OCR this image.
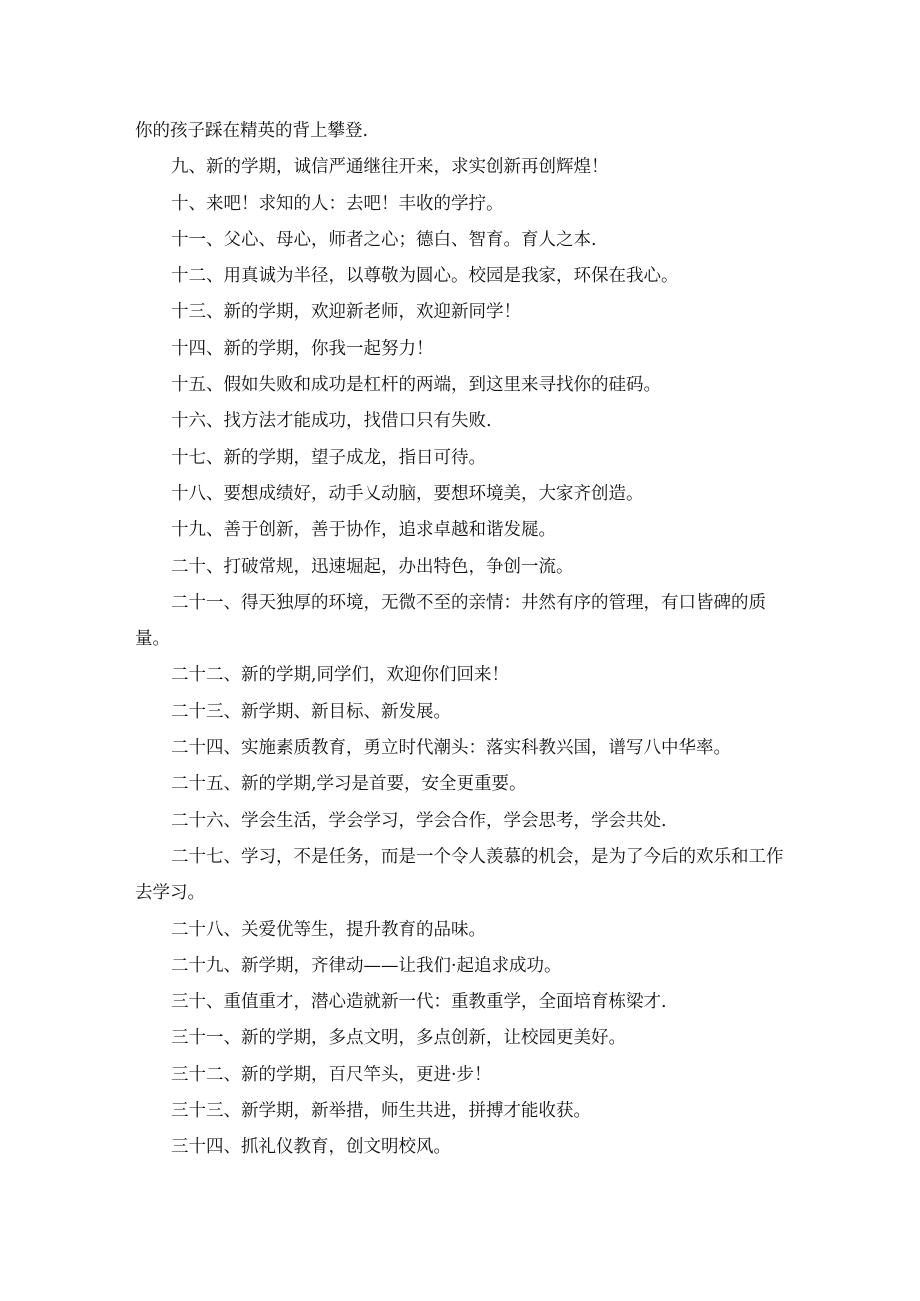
你的孩子踩在精英的背上攀登.

九、新的学期，诚信严通继往开来，求实创新再创辉煌！

十、来吧！求知的人：去吧！丰收的学拧。

十一、父心、母心，师者之心；德白、智育。育人之本.

十二、用真诚为半径，以尊敬为圆心。校园是我家，环保在我心。

十三、新的学期，欢迎新老师，欢迎新同学！

十四、新的学期，你我一起努力！

十五、假如失败和成功是杠杆的两端，到这里来寻找你的硅码。

十六、找方法才能成功，找借口只有失败.

十七、新的学期，望子成龙，指日可待。

十八、要想成绩好，动手乂动脑，要想环境美，大家齐创造。

十九、善于创新，善于协作，追求卓越和谐发屣。

二十、打破常规，迅速堀起，办出特色，争创一流。

二十一、得天独厚的环境，无微不至的亲情：井然有序的管理，有口皆碑的质量。

二十二、新的学期,同学们，欢迎你们回来！

二十三、新学期、新目标、新发展。

二十四、实施素质教育，勇立时代潮头：落实科教兴国，谱写八中华率。

二十五、新的学期,学习是首要，安全更重要。

二十六、学会生活，学会学习，学会合作，学会思考，学会共处.

二十七、学习，不是任务，而是一个令人羡慕的机会，是为了今后的欢乐和工作去学习。

二十八、关爱优等生，提升教育的品味。

二十九、新学期，齐律动——让我们·起追求成功。

三十、重值重才，潜心造就新一代：重教重学，全面培育栋梁才.

三十一、新的学期，多点文明，多点创新，让校园更美好。

三十二、新的学期，百尺竿头，更进·步！

三十三、新学期，新举措，师生共进，拼搏才能收获。

三十四、抓礼仪教育，创文明校风。
